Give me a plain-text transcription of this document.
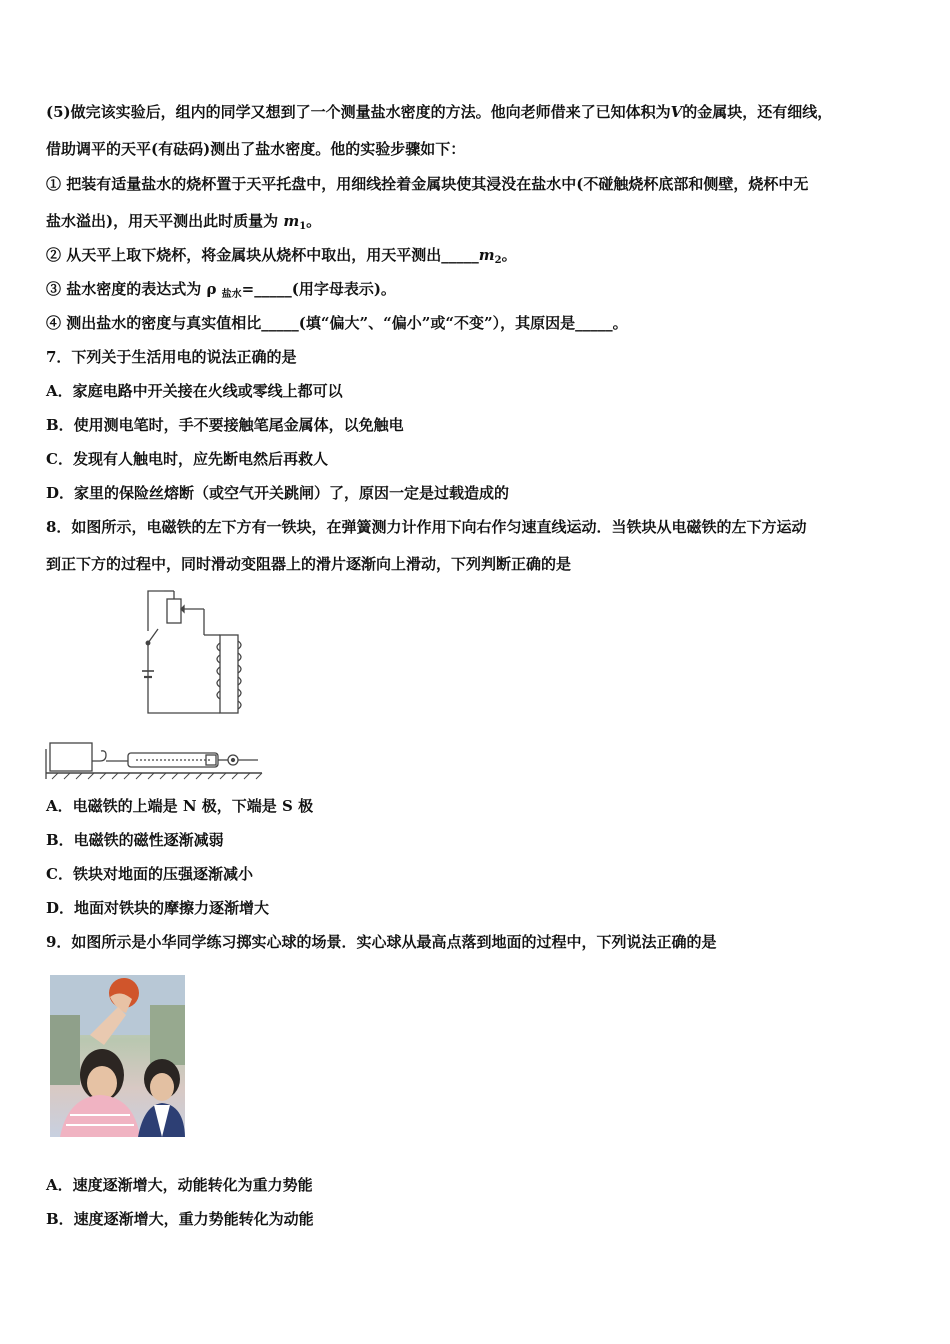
(5)做完该实验后，组内的同学又想到了一个测量盐水密度的方法。他向老师借来了已知体积为V的金属块，还有细线，
借助调平的天平(有砝码)测出了盐水密度。他的实验步骤如下：
① 把装有适量盐水的烧杯置于天平托盘中，用细线拴着金属块使其浸没在盐水中(不碰触烧杯底部和侧壁，烧杯中无
盐水溢出)，用天平测出此时质量为 $m_1$。
② 从天平上取下烧杯，将金属块从烧杯中取出，用天平测出$\_\_\_\_\_m_2$。
③ 盐水密度的表达式为 ρ $_{盐水}$=_____(用字母表示)。
④ 测出盐水的密度与真实值相比_____(填“偏大”、“偏小”或“不变”），其原因是_____。
7．下列关于生活用电的说法正确的是
A．家庭电路中开关接在火线或零线上都可以
B．使用测电笔时，手不要接触笔尾金属体，以免触电
C．发现有人触电时，应先断电然后再救人
D．家里的保险丝熔断（或空气开关跳闸）了，原因一定是过载造成的
8．如图所示，电磁铁的左下方有一铁块，在弹簧测力计作用下向右作匀速直线运动．当铁块从电磁铁的左下方运动
到正下方的过程中，同时滑动变阻器上的滑片逐渐向上滑动，下列判断正确的是
A．电磁铁的上端是 N 极，下端是 S 极
B．电磁铁的磁性逐渐减弱
C．铁块对地面的压强逐渐减小
D．地面对铁块的摩擦力逐渐增大
9．如图所示是小华同学练习掷实心球的场景．实心球从最高点落到地面的过程中，下列说法正确的是
A．速度逐渐增大，动能转化为重力势能
B．速度逐渐增大，重力势能转化为动能
